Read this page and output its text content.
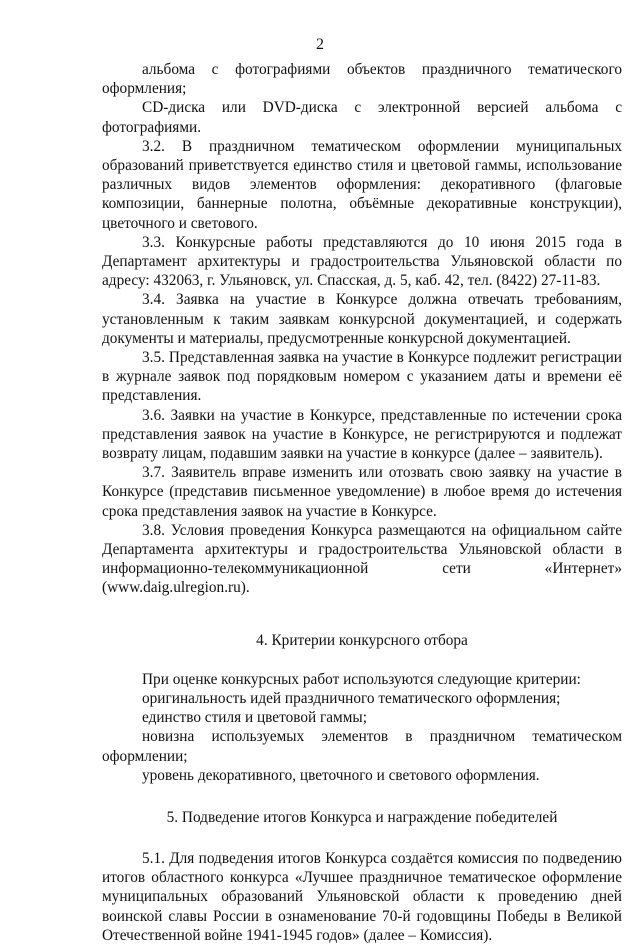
2

альбома с фотографиями объектов праздничного тематического оформления;

CD-диска или DVD-диска с электронной версией альбома с фотографиями.

3.2. В праздничном тематическом оформлении муниципальных образований приветствуется единство стиля и цветовой гаммы, использование различных видов элементов оформления: декоративного (флаговые композиции, баннерные полотна, объёмные декоративные конструкции), цветочного и светового.

3.3. Конкурсные работы представляются до 10 июня 2015 года в Департамент архитектуры и градостроительства Ульяновской области по адресу: 432063, г. Ульяновск, ул. Спасская, д. 5, каб. 42, тел. (8422) 27-11-83.

3.4. Заявка на участие в Конкурсе должна отвечать требованиям, установленным к таким заявкам конкурсной документацией, и содержать документы и материалы, предусмотренные конкурсной документацией.

3.5. Представленная заявка на участие в Конкурсе подлежит регистрации в журнале заявок под порядковым номером с указанием даты и времени её представления.

3.6. Заявки на участие в Конкурсе, представленные по истечении срока представления заявок на участие в Конкурсе, не регистрируются и подлежат возврату лицам, подавшим заявки на участие в конкурсе (далее – заявитель).

3.7. Заявитель вправе изменить или отозвать свою заявку на участие в Конкурсе (представив письменное уведомление) в любое время до истечения срока представления заявок на участие в Конкурсе.

3.8. Условия проведения Конкурса размещаются на официальном сайте Департамента архитектуры и градостроительства Ульяновской области в информационно-телекоммуникационной сети «Интернет» (www.daig.ulregion.ru).

4. Критерии конкурсного отбора

При оценке конкурсных работ используются следующие критерии:

оригинальность идей праздничного тематического оформления;

единство стиля и цветовой гаммы;

новизна используемых элементов в праздничном тематическом оформлении;

уровень декоративного, цветочного и светового оформления.

5. Подведение итогов Конкурса и награждение победителей

5.1. Для подведения итогов Конкурса создаётся комиссия по подведению итогов областного конкурса «Лучшее праздничное тематическое оформление муниципальных образований Ульяновской области к проведению дней воинской славы России в ознаменование 70-й годовщины Победы в Великой Отечественной войне 1941-1945 годов» (далее – Комиссия).
